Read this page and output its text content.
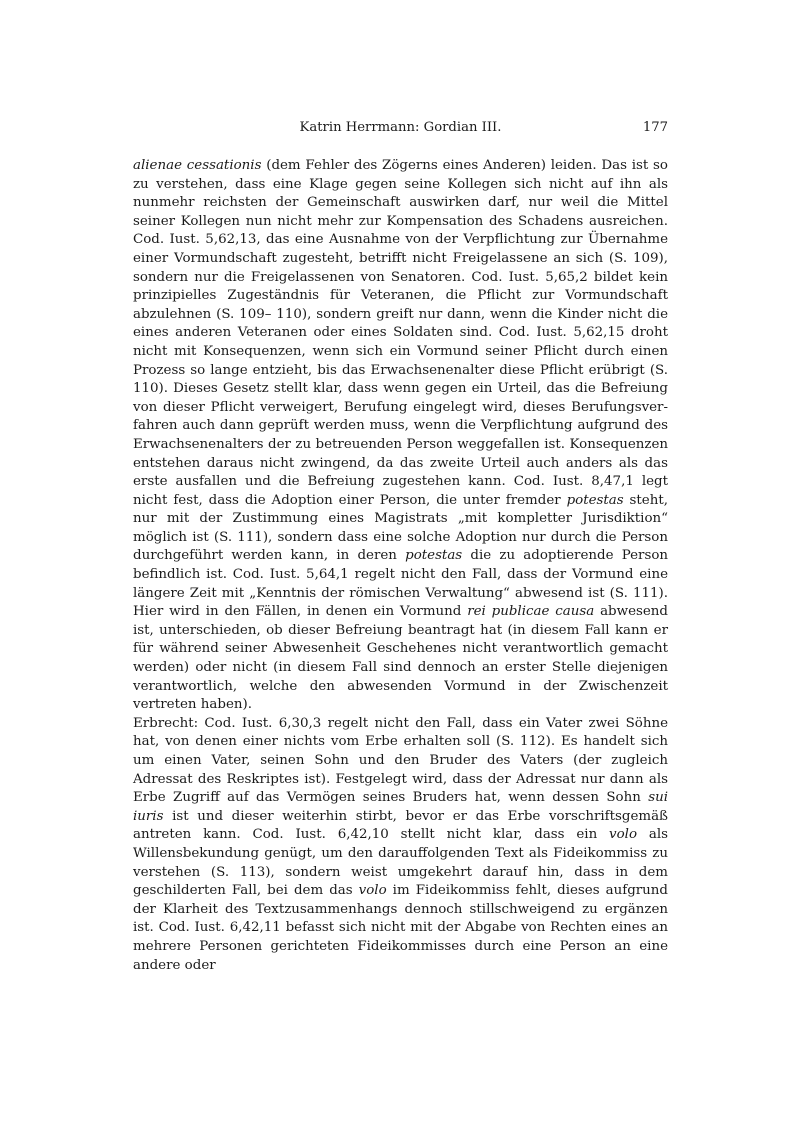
Katrin Herrmann: Gordian III.	177

alienae cessationis (dem Fehler des Zögerns eines Anderen) leiden. Das ist so zu verstehen, dass eine Klage gegen seine Kollegen sich nicht auf ihn als nunmehr reichsten der Gemeinschaft auswirken darf, nur weil die Mittel seiner Kollegen nun nicht mehr zur Kompensation des Schadens ausreichen. Cod. Iust. 5,62,13, das eine Ausnahme von der Verpflichtung zur Übernahme einer Vormundschaft zugesteht, betrifft nicht Freigelassene an sich (S. 109), sondern nur die Freigelassenen von Senatoren. Cod. Iust. 5,65,2 bildet kein prinzipielles Zugeständnis für Veteranen, die Pflicht zur Vormundschaft abzulehnen (S. 109– 110), sondern greift nur dann, wenn die Kinder nicht die eines anderen Veteranen oder eines Soldaten sind. Cod. Iust. 5,62,15 droht nicht mit Konsequenzen, wenn sich ein Vormund seiner Pflicht durch einen Prozess so lange entzieht, bis das Erwachsenenalter diese Pflicht erübrigt (S. 110). Dieses Gesetz stellt klar, dass wenn gegen ein Urteil, das die Befreiung von dieser Pflicht verweigert, Berufung eingelegt wird, dieses Berufungsverfahren auch dann geprüft werden muss, wenn die Verpflichtung aufgrund des Erwachsenenalters der zu betreuenden Person weggefallen ist. Konsequenzen entstehen daraus nicht zwingend, da das zweite Urteil auch anders als das erste ausfallen und die Befreiung zugestehen kann. Cod. Iust. 8,47,1 legt nicht fest, dass die Adoption einer Person, die unter fremder potestas steht, nur mit der Zustimmung eines Magistrats „mit kompletter Jurisdiktion“ möglich ist (S. 111), sondern dass eine solche Adoption nur durch die Person durchgeführt werden kann, in deren potestas die zu adoptierende Person befindlich ist. Cod. Iust. 5,64,1 regelt nicht den Fall, dass der Vormund eine längere Zeit mit „Kenntnis der römischen Verwaltung“ abwesend ist (S. 111). Hier wird in den Fällen, in denen ein Vormund rei publicae causa abwesend ist, unterschieden, ob dieser Befreiung beantragt hat (in diesem Fall kann er für während seiner Abwesenheit Geschehenes nicht verantwortlich gemacht werden) oder nicht (in diesem Fall sind dennoch an erster Stelle diejenigen verantwortlich, welche den abwesenden Vormund in der Zwischenzeit vertreten haben).

Erbrecht: Cod. Iust. 6,30,3 regelt nicht den Fall, dass ein Vater zwei Söhne hat, von denen einer nichts vom Erbe erhalten soll (S. 112). Es handelt sich um einen Vater, seinen Sohn und den Bruder des Vaters (der zugleich Adressat des Reskriptes ist). Festgelegt wird, dass der Adressat nur dann als Erbe Zugriff auf das Vermögen seines Bruders hat, wenn dessen Sohn sui iuris ist und dieser weiterhin stirbt, bevor er das Erbe vorschriftsgemäß antreten kann. Cod. Iust. 6,42,10 stellt nicht klar, dass ein volo als Willensbekundung genügt, um den darauffolgenden Text als Fideikommiss zu verstehen (S. 113), sondern weist umgekehrt darauf hin, dass in dem geschilderten Fall, bei dem das volo im Fideikommiss fehlt, dieses aufgrund der Klarheit des Textzusammenhangs dennoch stillschweigend zu ergänzen ist. Cod. Iust. 6,42,11 befasst sich nicht mit der Abgabe von Rechten eines an mehrere Personen gerichteten Fideikommisses durch eine Person an eine andere oder
